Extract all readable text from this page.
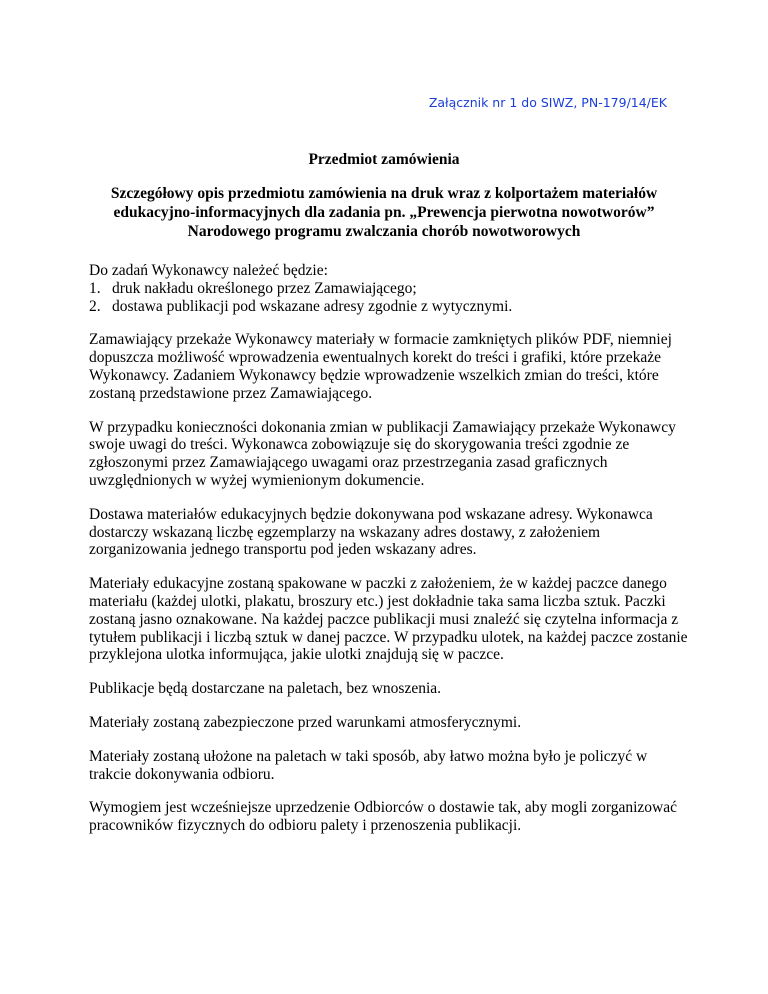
Załącznik nr 1 do SIWZ, PN-179/14/EK
Przedmiot zamówienia
Szczegółowy opis przedmiotu zamówienia na druk wraz z kolportażem materiałów
edukacyjno-informacyjnych dla zadania pn. „Prewencja pierwotna nowotworów”
Narodowego programu zwalczania chorób nowotworowych
Do zadań Wykonawcy należeć będzie:
1. druk nakładu określonego przez Zamawiającego;
2. dostawa publikacji pod wskazane adresy zgodnie z wytycznymi.

Zamawiający przekaże Wykonawcy materiały w formacie zamkniętych plików PDF, niemniej dopuszcza możliwość wprowadzenia ewentualnych korekt do treści i grafiki, które przekaże Wykonawcy. Zadaniem Wykonawcy będzie wprowadzenie wszelkich zmian do treści, które zostaną przedstawione przez Zamawiającego.

W przypadku konieczności dokonania zmian w publikacji Zamawiający przekaże Wykonawcy swoje uwagi do treści. Wykonawca zobowiązuje się do skorygowania treści zgodnie ze zgłoszonymi przez Zamawiającego uwagami oraz przestrzegania zasad graficznych uwzględnionych w wyżej wymienionym dokumencie.

Dostawa materiałów edukacyjnych będzie dokonywana pod wskazane adresy. Wykonawca dostarczy wskazaną liczbę egzemplarzy na wskazany adres dostawy, z założeniem zorganizowania jednego transportu pod jeden wskazany adres.

Materiały edukacyjne zostaną spakowane w paczki z założeniem, że w każdej paczce danego materiału (każdej ulotki, plakatu, broszury etc.) jest dokładnie taka sama liczba sztuk. Paczki zostaną jasno oznakowane. Na każdej paczce publikacji musi znaleźć się czytelna informacja z tytułem publikacji i liczbą sztuk w danej paczce. W przypadku ulotek, na każdej paczce zostanie przyklejona ulotka informująca, jakie ulotki znajdują się w paczce.

Publikacje będą dostarczane na paletach, bez wnoszenia.

Materiały zostaną zabezpieczone przed warunkami atmosferycznymi.

Materiały zostaną ułożone na paletach w taki sposób, aby łatwo można było je policzyć w trakcie dokonywania odbioru.

Wymogiem jest wcześniejsze uprzedzenie Odbiorców o dostawie tak, aby mogli zorganizować pracowników fizycznych do odbioru palety i przenoszenia publikacji.
